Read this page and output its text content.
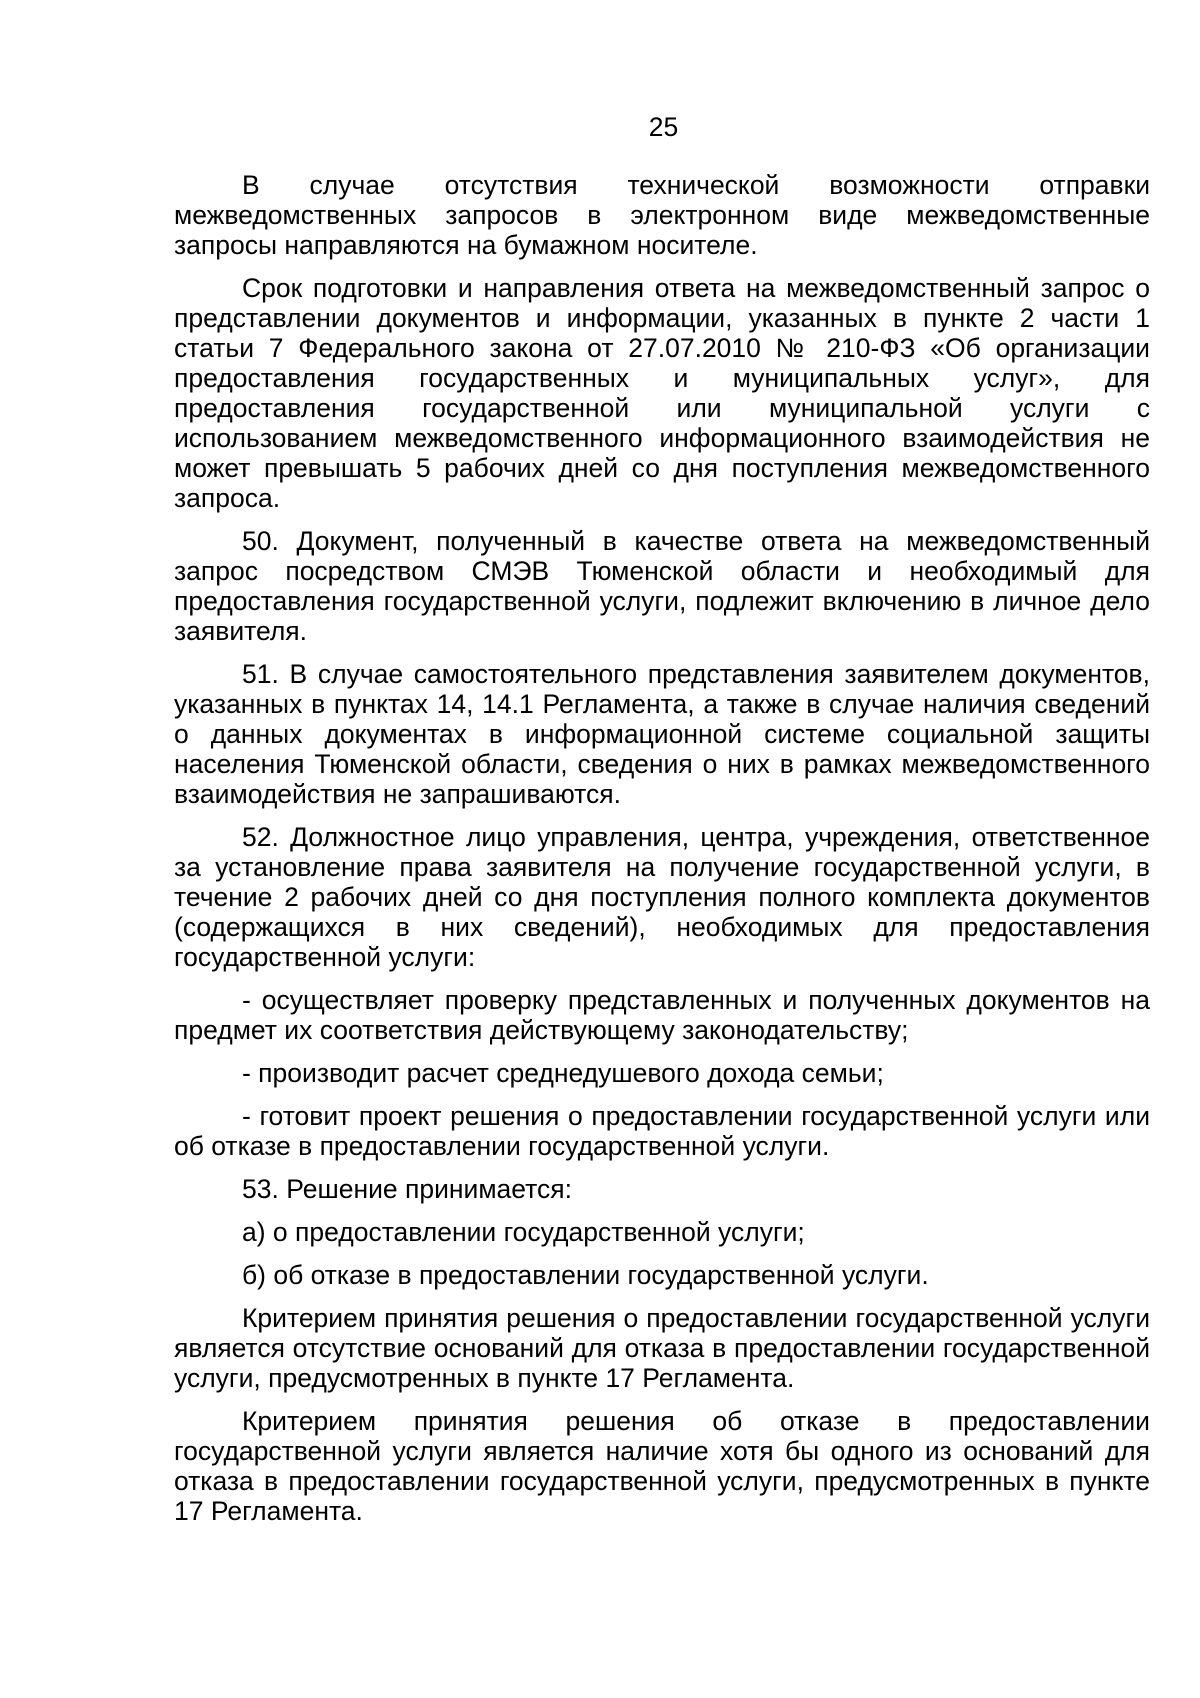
25

В случае отсутствия технической возможности отправки межведомственных запросов в электронном виде межведомственные запросы направляются на бумажном носителе.

Срок подготовки и направления ответа на межведомственный запрос о представлении документов и информации, указанных в пункте 2 части 1 статьи 7 Федерального закона от 27.07.2010 № 210-ФЗ «Об организации предоставления государственных и муниципальных услуг», для предоставления государственной или муниципальной услуги с использованием межведомственного информационного взаимодействия не может превышать 5 рабочих дней со дня поступления межведомственного запроса.

50. Документ, полученный в качестве ответа на межведомственный запрос посредством СМЭВ Тюменской области и необходимый для предоставления государственной услуги, подлежит включению в личное дело заявителя.

51. В случае самостоятельного представления заявителем документов, указанных в пунктах 14, 14.1 Регламента, а также в случае наличия сведений о данных документах в информационной системе социальной защиты населения Тюменской области, сведения о них в рамках межведомственного взаимодействия не запрашиваются.

52. Должностное лицо управления, центра, учреждения, ответственное за установление права заявителя на получение государственной услуги, в течение 2 рабочих дней со дня поступления полного комплекта документов (содержащихся в них сведений), необходимых для предоставления государственной услуги:

- осуществляет проверку представленных и полученных документов на предмет их соответствия действующему законодательству;

- производит расчет среднедушевого дохода семьи;

- готовит проект решения о предоставлении государственной услуги или об отказе в предоставлении государственной услуги.

53. Решение принимается:

а) о предоставлении государственной услуги;

б) об отказе в предоставлении государственной услуги.

Критерием принятия решения о предоставлении государственной услуги является отсутствие оснований для отказа в предоставлении государственной услуги, предусмотренных в пункте 17 Регламента.

Критерием принятия решения об отказе в предоставлении государственной услуги является наличие хотя бы одного из оснований для отказа в предоставлении государственной услуги, предусмотренных в пункте 17 Регламента.
